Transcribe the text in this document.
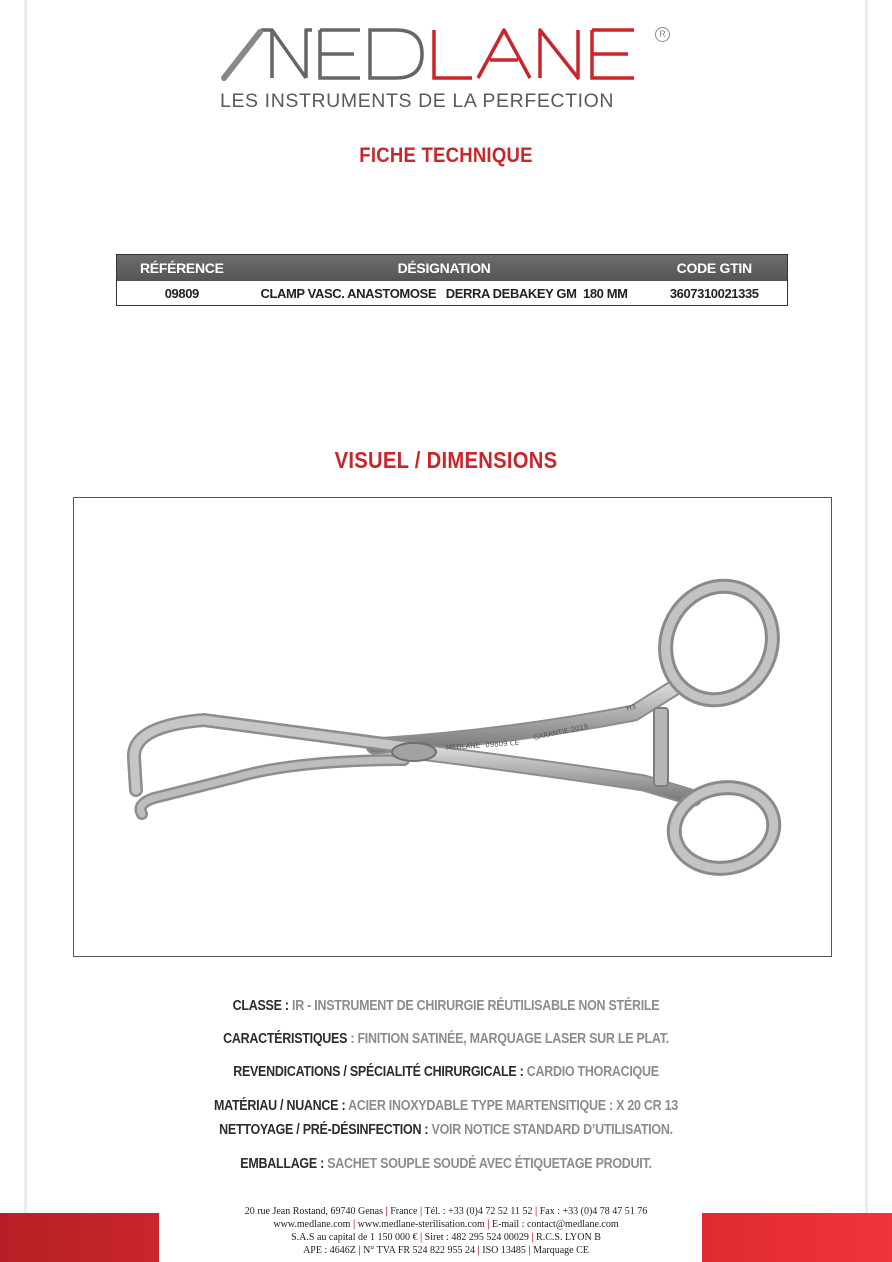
R
LES INSTRUMENTS DE LA PERFECTION
FICHE TECHNIQUE
RÉFÉRENCE	DÉSIGNATION	CODE GTIN
09809	CLAMP VASC. ANASTOMOSE   DERRA DEBAKEY GM  180 MM	3607310021335
VISUEL / DIMENSIONS
MEDLANE 09809 CE
GARANTIE 2019
H3
CLASSE : IR - INSTRUMENT DE CHIRURGIE RÉUTILISABLE NON STÉRILE
CARACTÉRISTIQUES : FINITION SATINÉE, MARQUAGE LASER SUR LE PLAT.
REVENDICATIONS / SPÉCIALITÉ CHIRURGICALE : CARDIO THORACIQUE
MATÉRIAU / NUANCE : ACIER INOXYDABLE TYPE MARTENSITIQUE : X 20 CR 13
NETTOYAGE / PRÉ-DÉSINFECTION : VOIR NOTICE STANDARD D’UTILISATION.
EMBALLAGE : SACHET SOUPLE SOUDÉ AVEC ÉTIQUETAGE PRODUIT.
20 rue Jean Rostand, 69740 Genas | France | Tél. : +33 (0)4 72 52 11 52 | Fax : +33 (0)4 78 47 51 76
www.medlane.com | www.medlane-sterilisation.com | E-mail : contact@medlane.com
S.A.S au capital de 1 150 000 € | Siret : 482 295 524 00029 | R.C.S. LYON B
APE : 4646Z | N° TVA FR 524 822 955 24 | ISO 13485 | Marquage CE
